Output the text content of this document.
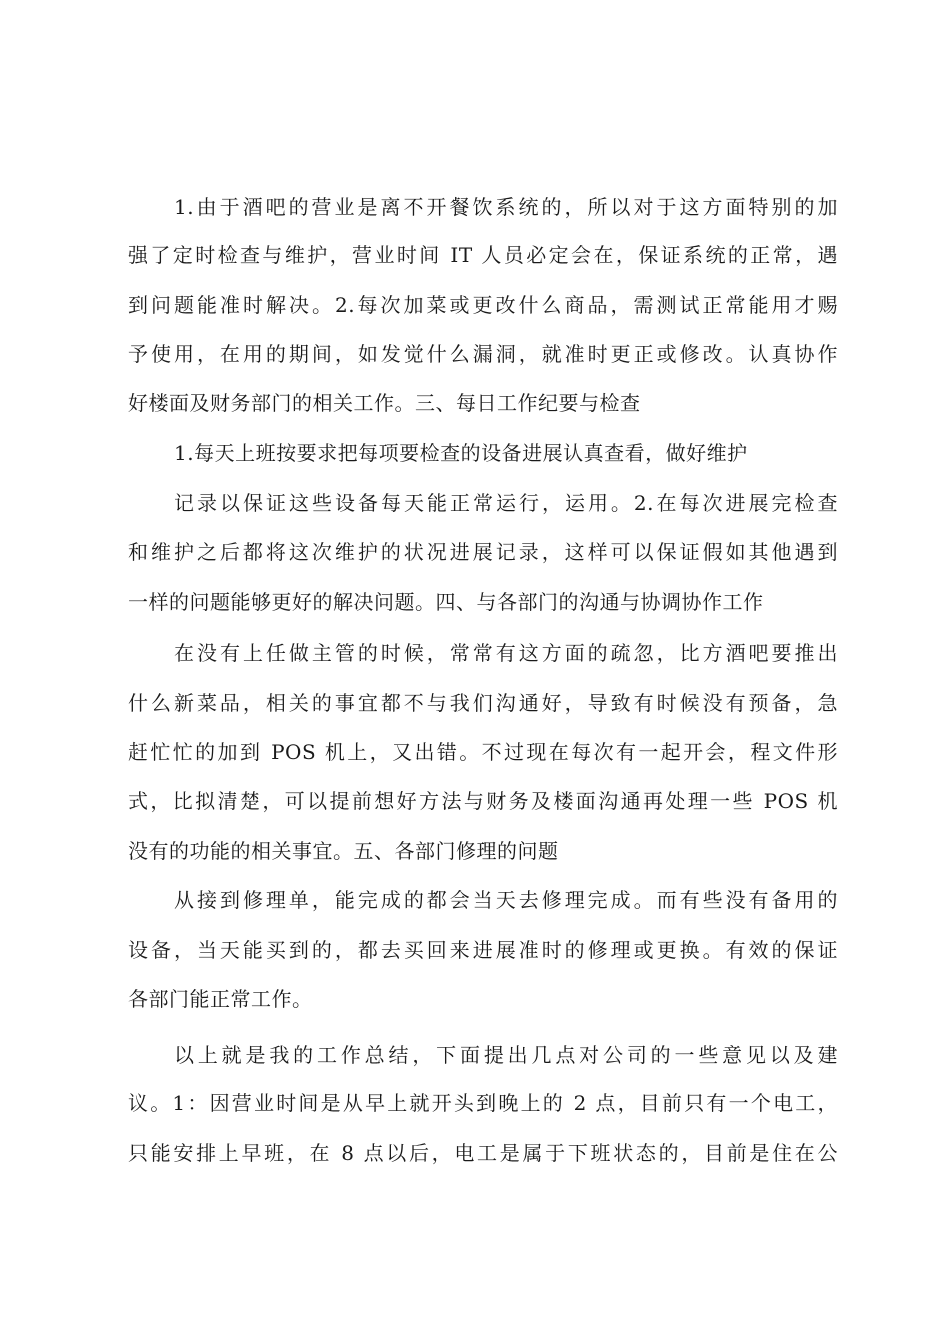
1.由于酒吧的营业是离不开餐饮系统的，所以对于这方面特别的加
强了定时检查与维护，营业时间 IT 人员必定会在，保证系统的正常，遇
到问题能准时解决。2.每次加菜或更改什么商品，需测试正常能用才赐
予使用，在用的期间，如发觉什么漏洞，就准时更正或修改。认真协作
好楼面及财务部门的相关工作。三、每日工作纪要与检查
1.每天上班按要求把每项要检查的设备进展认真查看，做好维护
记录以保证这些设备每天能正常运行，运用。2.在每次进展完检查
和维护之后都将这次维护的状况进展记录，这样可以保证假如其他遇到
一样的问题能够更好的解决问题。四、与各部门的沟通与协调协作工作
在没有上任做主管的时候，常常有这方面的疏忽，比方酒吧要推出
什么新菜品，相关的事宜都不与我们沟通好，导致有时候没有预备，急
赶忙忙的加到 POS 机上，又出错。不过现在每次有一起开会，程文件形
式，比拟清楚，可以提前想好方法与财务及楼面沟通再处理一些 POS 机
没有的功能的相关事宜。五、各部门修理的问题
从接到修理单，能完成的都会当天去修理完成。而有些没有备用的
设备，当天能买到的，都去买回来进展准时的修理或更换。有效的保证
各部门能正常工作。
以上就是我的工作总结，下面提出几点对公司的一些意见以及建
议。1：因营业时间是从早上就开头到晚上的 2 点，目前只有一个电工，
只能安排上早班，在 8 点以后，电工是属于下班状态的，目前是住在公
